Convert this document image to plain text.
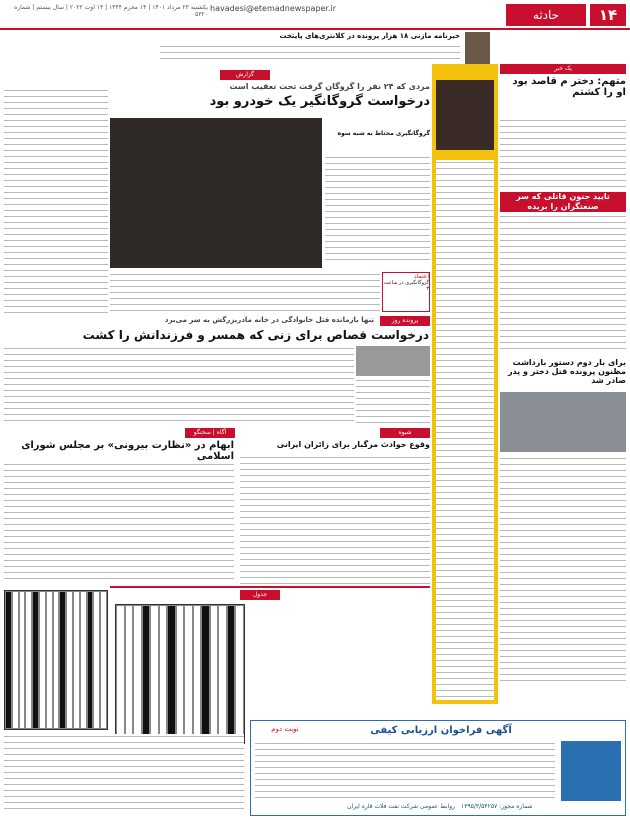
۱۴
حادثه
havadesi@etemadnewspaper.ir
یکشنبه ۲۳ مرداد ۱۴۰۱ | ۱۴ محرم ۱۴۴۴ | ۱۴ اوت ۲۰۲۲ | سال بیستم | شماره ۵۳۲۰
خبرنامه مازنی ۱۸ هزار پرونده در کلانتری‌های پایتخت
یک خبر
متهم: دختر م قاصد بود او را کشتم
تایید جنون قاتلی که سر صنعتگران را بریده
برای بار دوم دستور بازداشت مظنون پرونده قتل دختر و پدر صادر شد
گزارش
مردی که ۲۴ نفر را گروگان گرفت تحت تعقیب است
درخواست گروگانگیر یک خودرو بود
گروگانگیری محتاط به شبه سوه
اعتماد
گروگانگیری در ساعت ۳
پرونده روز
تنها بازمانده قتل خانوادگی در خانه مادربزرگش به سر می‌برد
درخواست قصاص برای زنی که همسر و فرزندانش را کشت
شیوه
وقوع حوادث مرگبار برای زائران ایرانی
آگاه | سخنگو
ابهام در «نظارت بیرونی» بر مجلس شورای اسلامی
جدول
آگهی فراخوان ارزیابی کیفی
نوبت دوم
روابط عمومی شرکت نفت فلات قاره ایران شماره مجوز: ۱۳۹۵/۳/۵۴۲۵۷
